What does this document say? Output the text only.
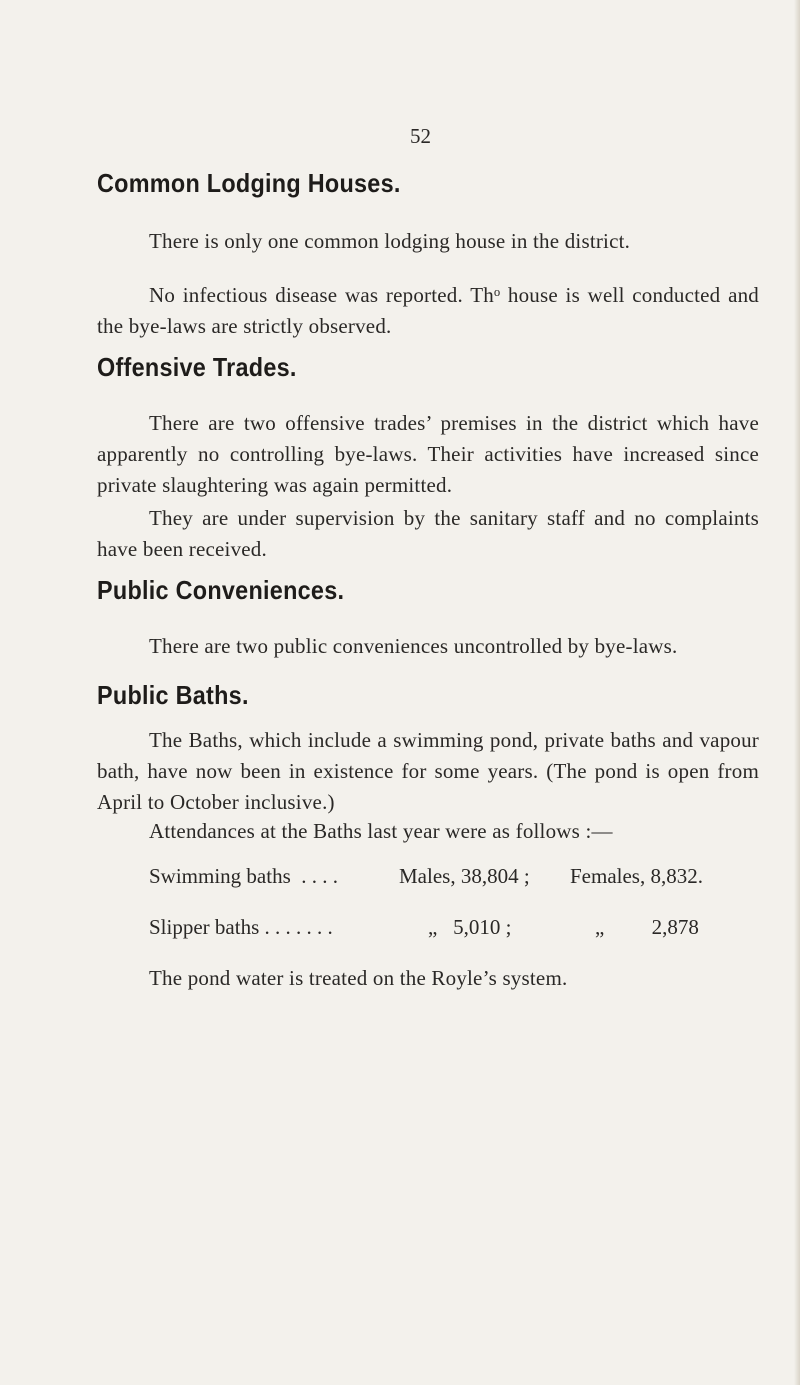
52
Common Lodging Houses.
There is only one common lodging house in the district.
No infectious disease was reported. Thᵒ house is well conducted and the bye-laws are strictly observed.
Offensive Trades.
There are two offensive trades’ premises in the district which have apparently no controlling bye-laws. Their activities have increased since private slaughtering was again permitted.
They are under supervision by the sanitary staff and no complaints have been received.
Public Conveniences.
There are two public conveniences uncontrolled by bye-laws.
Public Baths.
The Baths, which include a swimming pond, private baths and vapour bath, have now been in existence for some years. (The pond is open from April to October inclusive.)
Attendances at the Baths last year were as follows :—
Swimming baths  . . . .	Males, 38,804 ; Females, 8,832.
Slipper baths . . . . . . .	„   5,010 ;	„         2,878
The pond water is treated on the Royle’s system.
